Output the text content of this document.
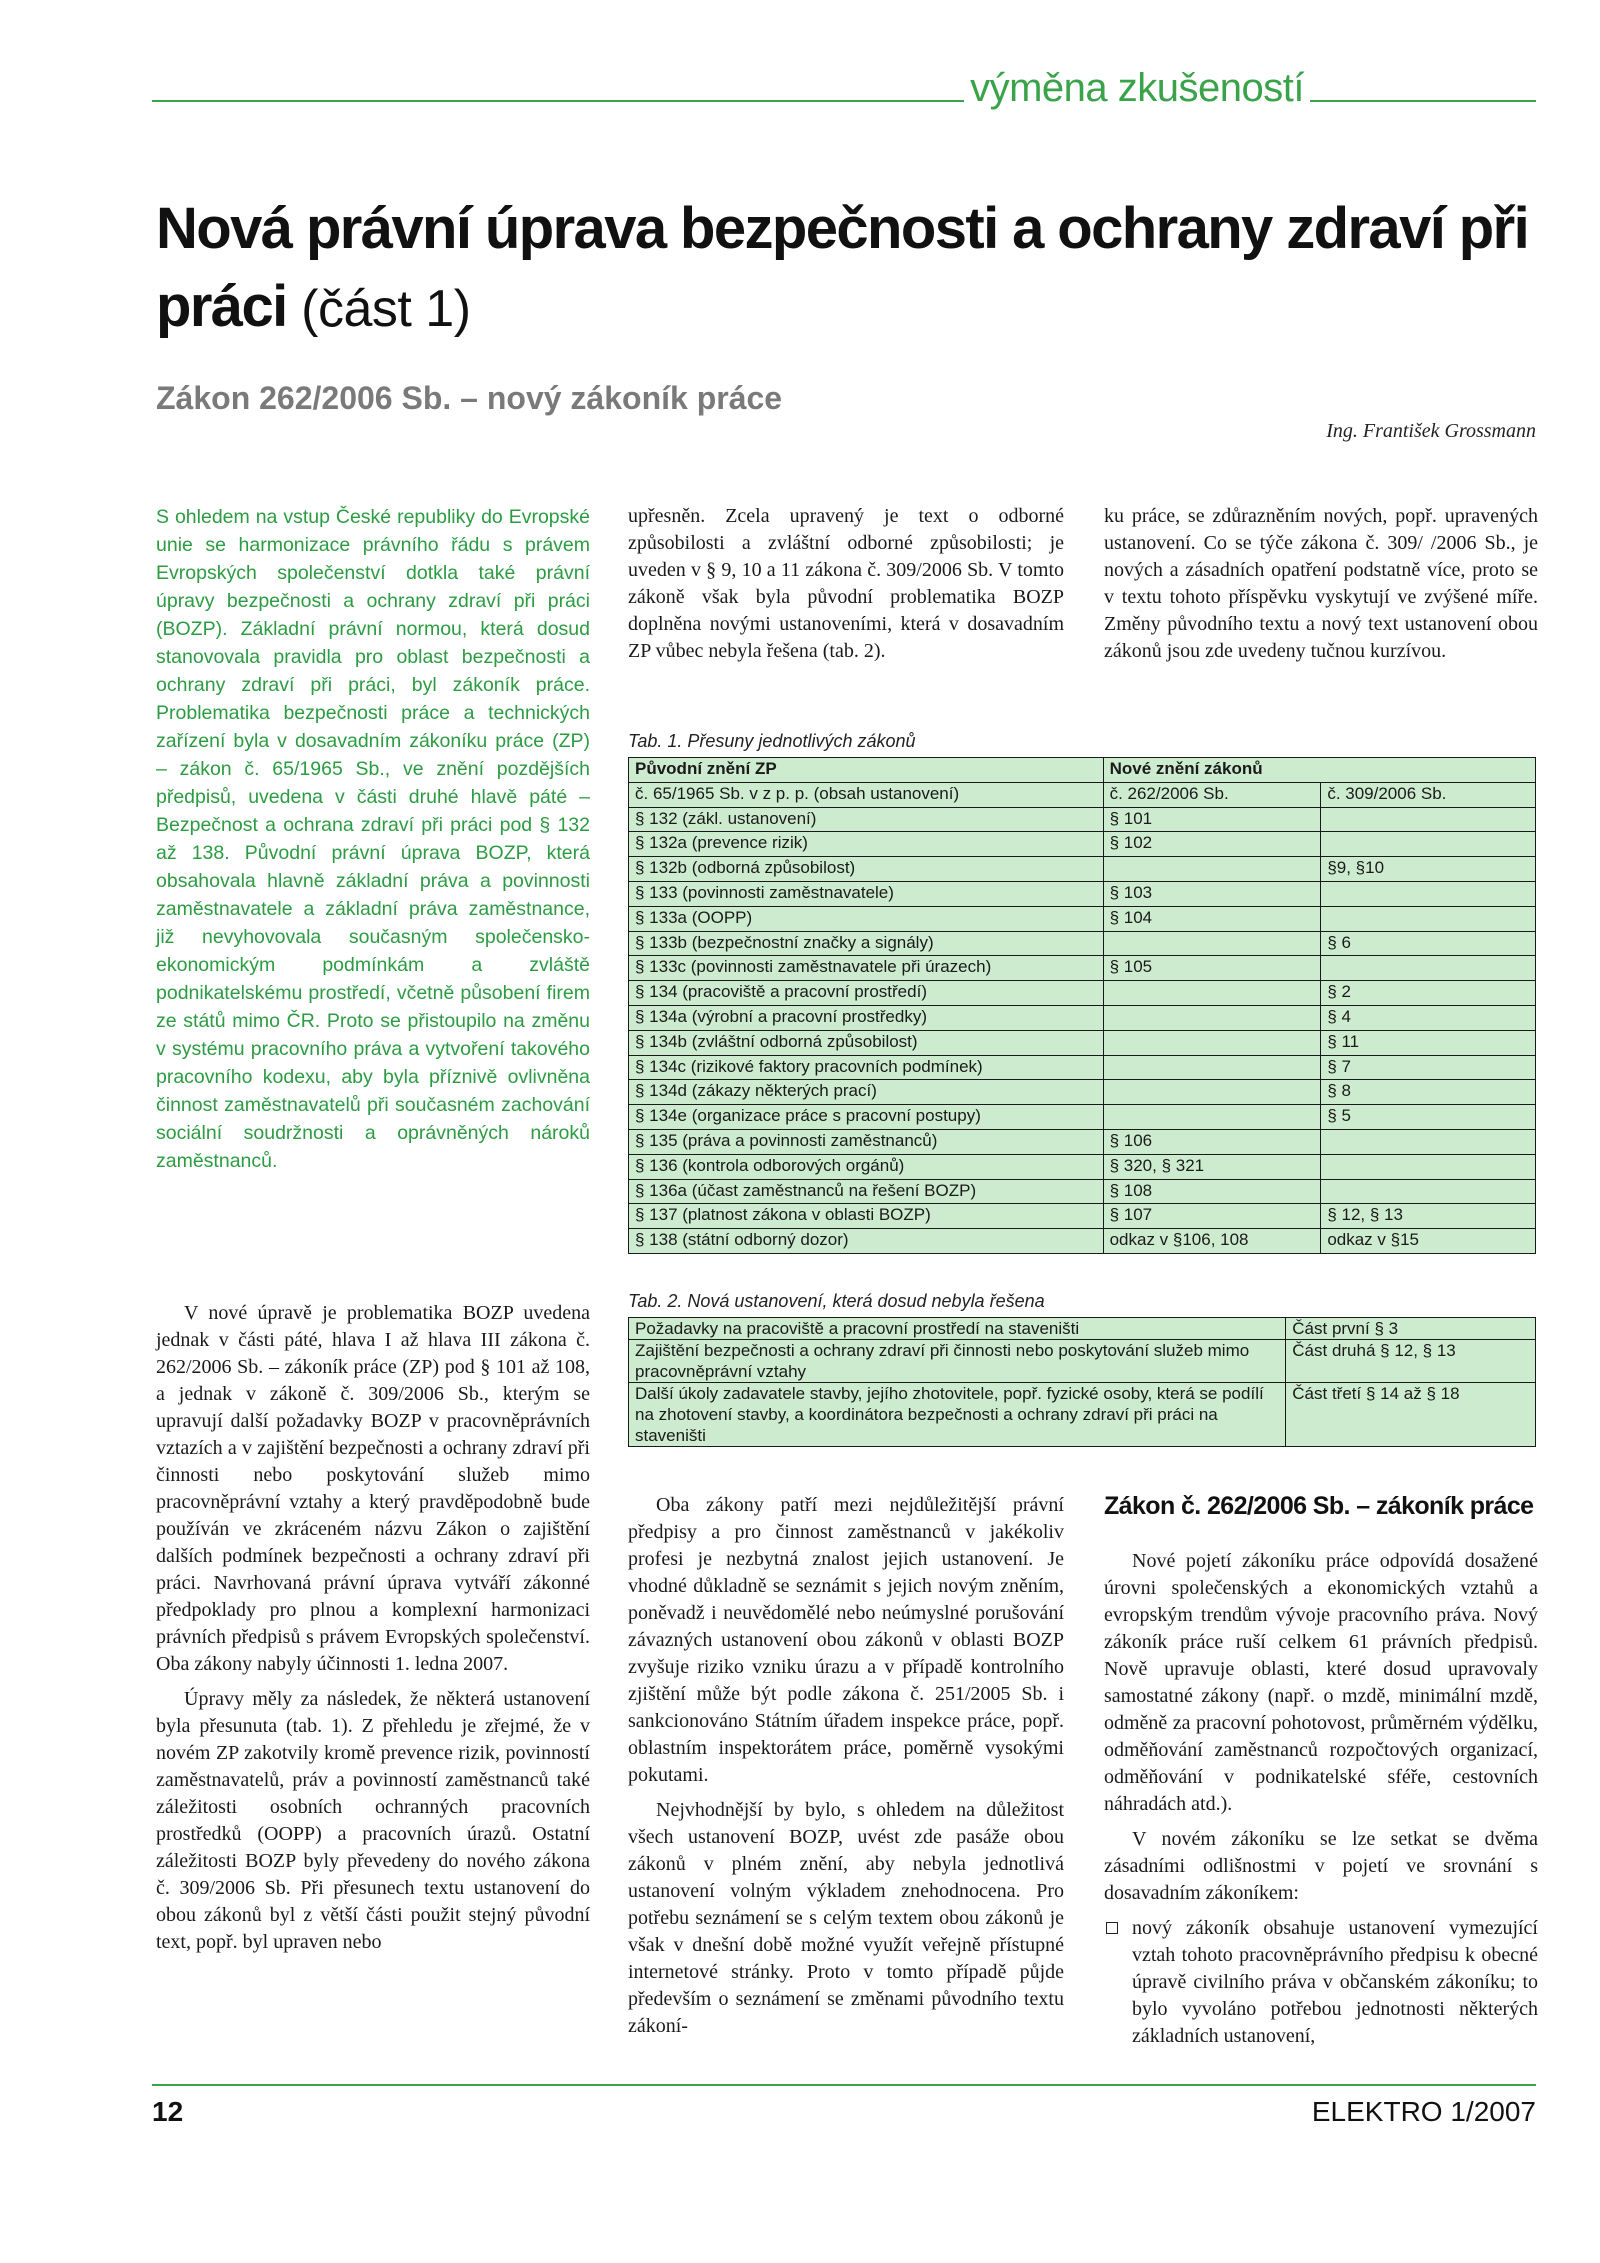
výměna zkušeností
Nová právní úprava bezpečnosti a ochrany zdraví při práci (část 1)
Zákon 262/2006 Sb. – nový zákoník práce
Ing. František Grossmann
S ohledem na vstup České republiky do Evropské unie se harmonizace právního řádu s právem Evropských společenství dotkla také právní úpravy bezpečnosti a ochrany zdraví při práci (BOZP). Základní právní normou, která dosud stanovovala pravidla pro oblast bezpečnosti a ochrany zdraví při práci, byl zákoník práce. Problematika bezpečnosti práce a technických zařízení byla v dosavadním zákoníku práce (ZP) – zákon č. 65/1965 Sb., ve znění pozdějších předpisů, uvedena v části druhé hlavě páté – Bezpečnost a ochrana zdraví při práci pod § 132 až 138. Původní právní úprava BOZP, která obsahovala hlavně základní práva a povinnosti zaměstnavatele a základní práva zaměstnance, již nevyhovovala současným společensko-ekonomickým podmínkám a zvláště podnikatelskému prostředí, včetně působení firem ze států mimo ČR. Proto se přistoupilo na změnu v systému pracovního práva a vytvoření takového pracovního kodexu, aby byla příznivě ovlivněna činnost zaměstnavatelů při současném zachování sociální soudržnosti a oprávněných nároků zaměstnanců.

V nové úpravě je problematika BOZP uvedena jednak v části páté, hlava I až hlava III zákona č. 262/2006 Sb. – zákoník práce (ZP) pod § 101 až 108, a jednak v zákoně č. 309/2006 Sb., kterým se upravují další požadavky BOZP v pracovněprávních vztazích a v zajištění bezpečnosti a ochrany zdraví při činnosti nebo poskytování služeb mimo pracovněprávní vztahy a který pravděpodobně bude používán ve zkráceném názvu Zákon o zajištění dalších podmínek bezpečnosti a ochrany zdraví při práci. Navrhovaná právní úprava vytváří zákonné předpoklady pro plnou a komplexní harmonizaci právních předpisů s právem Evropských společenství. Oba zákony nabyly účinnosti 1. ledna 2007.

Úpravy měly za následek, že některá ustanovení byla přesunuta (tab. 1). Z přehledu je zřejmé, že v novém ZP zakotvily kromě prevence rizik, povinností zaměstnavatelů, práv a povinností zaměstnanců také záležitosti osobních ochranných pracovních prostředků (OOPP) a pracovních úrazů. Ostatní záležitosti BOZP byly převedeny do nového zákona č. 309/2006 Sb. Při přesunech textu ustanovení do obou zákonů byl z větší části použit stejný původní text, popř. byl upraven nebo

upřesněn. Zcela upravený je text o odborné způsobilosti a zvláštní odborné způsobilosti; je uveden v § 9, 10 a 11 zákona č. 309/2006 Sb. V tomto zákoně však byla původní problematika BOZP doplněna novými ustanoveními, která v dosavadním ZP vůbec nebyla řešena (tab. 2).

ku práce, se zdůrazněním nových, popř. upravených ustanovení. Co se týče zákona č. 309/ /2006 Sb., je nových a zásadních opatření podstatně více, proto se v textu tohoto příspěvku vyskytují ve zvýšené míře. Změny původního textu a nový text ustanovení obou zákonů jsou zde uvedeny tučnou kurzívou.

Tab. 1. Přesuny jednotlivých zákonů
Původní znění ZP	Nové znění zákonů	
č. 65/1965 Sb. v z p. p. (obsah ustanovení)	č. 262/2006 Sb.	č. 309/2006 Sb.
§ 132 (zákl. ustanovení)	§ 101	
§ 132a (prevence rizik)	§ 102	
§ 132b (odborná způsobilost)		§9, §10
§ 133 (povinnosti zaměstnavatele)	§ 103	
§ 133a (OOPP)	§ 104	
§ 133b (bezpečnostní značky a signály)		§ 6
§ 133c (povinnosti zaměstnavatele při úrazech)	§ 105	
§ 134 (pracoviště a pracovní prostředí)		§ 2
§ 134a (výrobní a pracovní prostředky)		§ 4
§ 134b (zvláštní odborná způsobilost)		§ 11
§ 134c (rizikové faktory pracovních podmínek)		§ 7
§ 134d (zákazy některých prací)		§ 8
§ 134e (organizace práce s pracovní postupy)		§ 5
§ 135 (práva a povinnosti zaměstnanců)	§ 106	
§ 136 (kontrola odborových orgánů)	§ 320, § 321	
§ 136a (účast zaměstnanců na řešení BOZP)	§ 108	
§ 137 (platnost zákona v oblasti BOZP)	§ 107	§ 12, § 13
§ 138 (státní odborný dozor)	odkaz v §106, 108	odkaz v §15
Tab. 2. Nová ustanovení, která dosud nebyla řešena
Požadavky na pracoviště a pracovní prostředí na staveništi	Část první § 3
Zajištění bezpečnosti a ochrany zdraví při činnosti nebo poskytování služeb mimo pracovněprávní vztahy	Část druhá § 12, § 13
Další úkoly zadavatele stavby, jejího zhotovitele, popř. fyzické osoby, která se podílí na zhotovení stavby, a koordinátora bezpečnosti a ochrany zdraví při práci na staveništi	Část třetí § 14 až § 18

Oba zákony patří mezi nejdůležitější právní předpisy a pro činnost zaměstnanců v jakékoliv profesi je nezbytná znalost jejich ustanovení. Je vhodné důkladně se seznámit s jejich novým zněním, poněvadž i neuvědomělé nebo neúmyslné porušování závazných ustanovení obou zákonů v oblasti BOZP zvyšuje riziko vzniku úrazu a v případě kontrolního zjištění může být podle zákona č. 251/2005 Sb. i sankcionováno Státním úřadem inspekce práce, popř. oblastním inspektorátem práce, poměrně vysokými pokutami.

Nejvhodnější by bylo, s ohledem na důležitost všech ustanovení BOZP, uvést zde pasáže obou zákonů v plném znění, aby nebyla jednotlivá ustanovení volným výkladem znehodnocena. Pro potřebu seznámení se s celým textem obou zákonů je však v dnešní době možné využít veřejně přístupné internetové stránky. Proto v tomto případě půjde především o seznámení se změnami původního textu zákoní-

Zákon č. 262/2006 Sb. – zákoník práce

Nové pojetí zákoníku práce odpovídá dosažené úrovni společenských a ekonomických vztahů a evropským trendům vývoje pracovního práva. Nový zákoník práce ruší celkem 61 právních předpisů. Nově upravuje oblasti, které dosud upravovaly samostatné zákony (např. o mzdě, minimální mzdě, odměně za pracovní pohotovost, průměrném výdělku, odměňování zaměstnanců rozpočtových organizací, odměňování v podnikatelské sféře, cestovních náhradách atd.).

V novém zákoníku se lze setkat se dvěma zásadními odlišnostmi v pojetí ve srovnání s dosavadním zákoníkem:

nový zákoník obsahuje ustanovení vymezující vztah tohoto pracovněprávního předpisu k obecné úpravě civilního práva v občanském zákoníku; to bylo vyvoláno potřebou jednotnosti některých základních ustanovení,

12	ELEKTRO 1/2007
